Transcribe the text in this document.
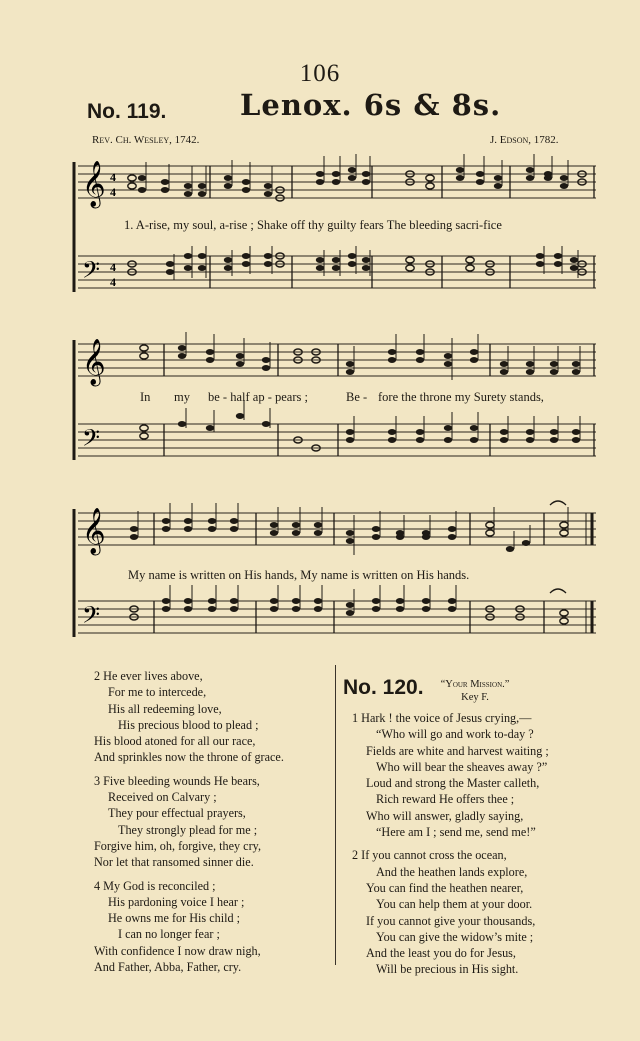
106
No. 119.	Lenox. 6s & 8s.
Rev. Ch. Wesley, 1742.	J. Edson, 1782.
𝄞
𝄢
4
4
4
4
1. A-rise, my soul, a-rise ; Shake off thy guilty fears The bleeding sacri-fice
𝄞
𝄢
In my be - half ap - pears ;	Be - fore the throne my Surety stands,
𝄞
𝄢
My name is written on His hands, My name is written on His hands.
2 He ever lives above,
For me to intercede,
His all redeeming love,
His precious blood to plead ;
His blood atoned for all our race,
And sprinkles now the throne of grace.
3 Five bleeding wounds He bears,
Received on Calvary ;
They pour effectual prayers,
They strongly plead for me ;
Forgive him, oh, forgive, they cry,
Nor let that ransomed sinner die.
4 My God is reconciled ;
His pardoning voice I hear ;
He owns me for His child ;
I can no longer fear ;
With confidence I now draw nigh,
And Father, Abba, Father, cry.
No. 120.	“Your Mission.”
Key F.
1 Hark ! the voice of Jesus crying,—
“Who will go and work to-day ?
Fields are white and harvest waiting ;
Who will bear the sheaves away ?”
Loud and strong the Master calleth,
Rich reward He offers thee ;
Who will answer, gladly saying,
“Here am I ; send me, send me!”
2 If you cannot cross the ocean,
And the heathen lands explore,
You can find the heathen nearer,
You can help them at your door.
If you cannot give your thousands,
You can give the widow’s mite ;
And the least you do for Jesus,
Will be precious in His sight.
